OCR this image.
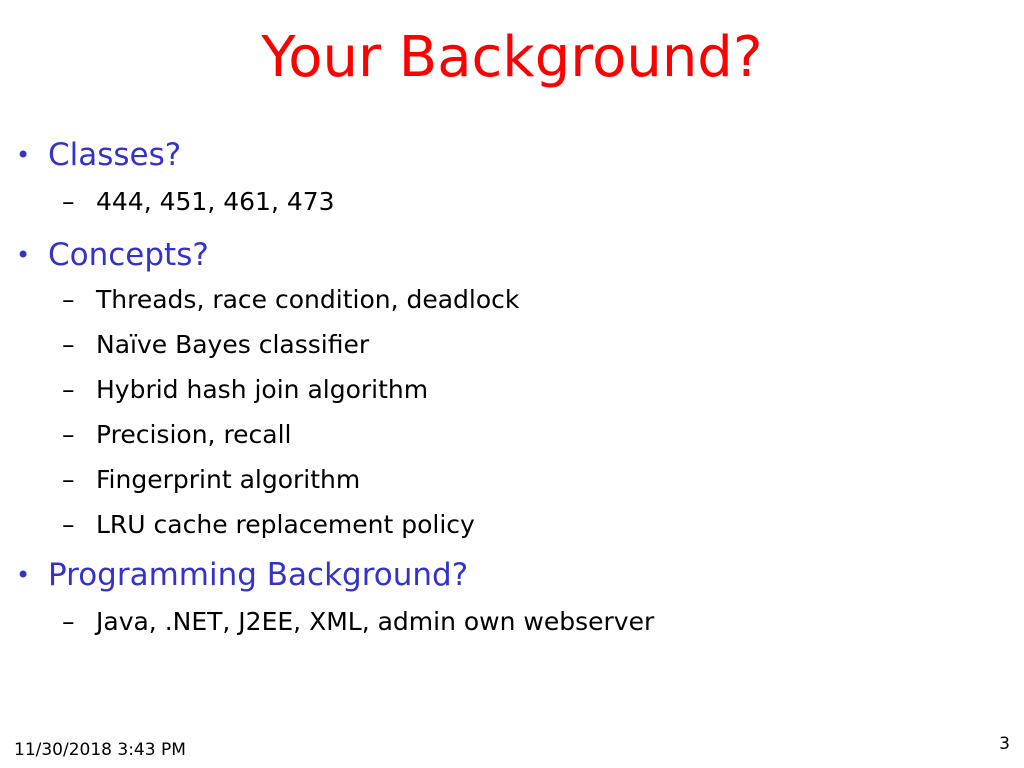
Your Background?
• Classes?
– 444, 451, 461, 473
• Concepts?
– Threads, race condition, deadlock
– Naïve Bayes classifier
– Hybrid hash join algorithm
– Precision, recall
– Fingerprint algorithm
– LRU cache replacement policy
• Programming Background?
– Java, .NET, J2EE, XML, admin own webserver
11/30/2018 3:43 PM	3
